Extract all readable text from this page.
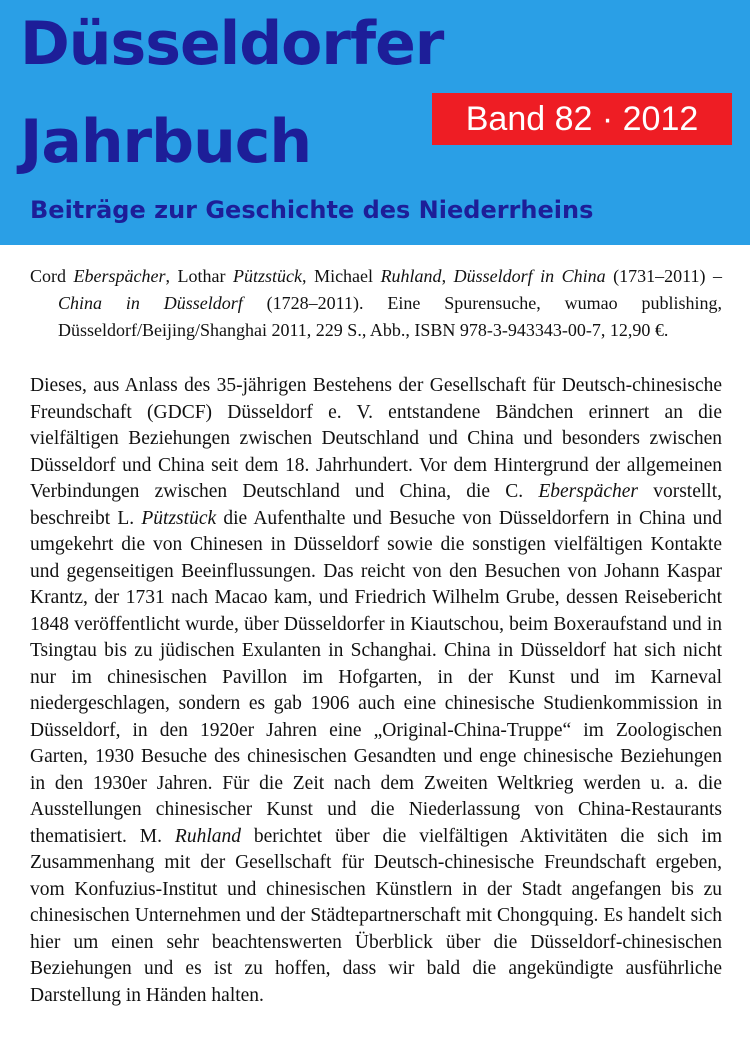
Düsseldorfer
Jahrbuch	Band 82 · 2012
Beiträge zur Geschichte des Niederrheins

Cord Eberspächer, Lothar Pützstück, Michael Ruhland, Düsseldorf in China (1731–2011) – China in Düsseldorf (1728–2011). Eine Spurensuche, wumao publishing, Düsseldorf/Beijing/Shanghai 2011, 229 S., Abb., ISBN 978-3-943343-00-7, 12,90 €.

Dieses, aus Anlass des 35-jährigen Bestehens der Gesellschaft für Deutsch-chinesische Freundschaft (GDCF) Düsseldorf e. V. entstandene Bändchen erinnert an die vielfältigen Beziehungen zwischen Deutschland und China und besonders zwischen Düsseldorf und China seit dem 18. Jahrhundert. Vor dem Hintergrund der allgemeinen Verbindungen zwischen Deutschland und China, die C. Eberspächer vorstellt, beschreibt L. Pützstück die Aufenthalte und Besuche von Düsseldorfern in China und umgekehrt die von Chinesen in Düsseldorf sowie die sonstigen vielfältigen Kontakte und gegenseitigen Beeinflussungen. Das reicht von den Besuchen von Johann Kaspar Krantz, der 1731 nach Macao kam, und Friedrich Wilhelm Grube, dessen Reisebericht 1848 veröffentlicht wurde, über Düsseldorfer in Kiautschou, beim Boxeraufstand und in Tsingtau bis zu jüdischen Exulanten in Schanghai. China in Düsseldorf hat sich nicht nur im chinesischen Pavillon im Hofgarten, in der Kunst und im Karneval niedergeschlagen, sondern es gab 1906 auch eine chinesische Studienkommission in Düsseldorf, in den 1920er Jahren eine „Original-China-Truppe“ im Zoologischen Garten, 1930 Besuche des chinesischen Gesandten und enge chinesische Beziehungen in den 1930er Jahren. Für die Zeit nach dem Zweiten Weltkrieg werden u. a. die Ausstellungen chinesischer Kunst und die Niederlassung von China-Restaurants thematisiert. M. Ruhland berichtet über die vielfältigen Aktivitäten die sich im Zusammenhang mit der Gesellschaft für Deutsch-chinesische Freundschaft ergeben, vom Konfuzius-Institut und chinesischen Künstlern in der Stadt angefangen bis zu chinesischen Unternehmen und der Städtepartnerschaft mit Chongquing. Es handelt sich hier um einen sehr beachtenswerten Überblick über die Düsseldorf-chinesischen Beziehungen und es ist zu hoffen, dass wir bald die angekündigte ausführliche Darstellung in Händen halten.
